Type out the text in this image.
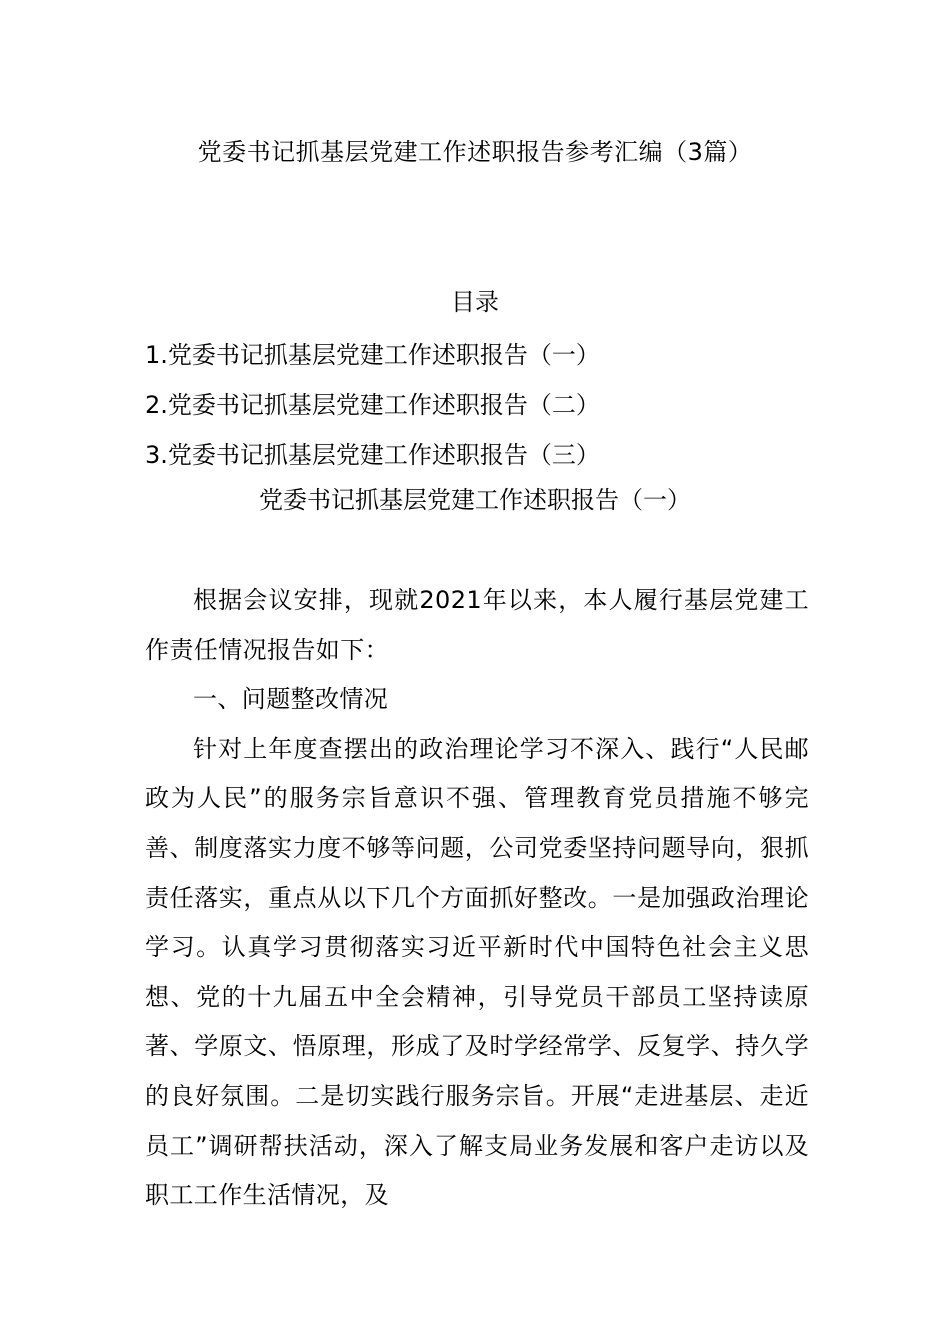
党委书记抓基层党建工作述职报告参考汇编（3篇）
目录
1.党委书记抓基层党建工作述职报告（一）
2.党委书记抓基层党建工作述职报告（二）
3.党委书记抓基层党建工作述职报告（三）
党委书记抓基层党建工作述职报告（一）

根据会议安排，现就2021年以来，本人履行基层党建工作责任情况报告如下：

一、问题整改情况

针对上年度查摆出的政治理论学习不深入、践行“人民邮政为人民”的服务宗旨意识不强、管理教育党员措施不够完善、制度落实力度不够等问题，公司党委坚持问题导向，狠抓责任落实，重点从以下几个方面抓好整改。一是加强政治理论学习。认真学习贯彻落实习近平新时代中国特色社会主义思想、党的十九届五中全会精神，引导党员干部员工坚持读原著、学原文、悟原理，形成了及时学经常学、反复学、持久学的良好氛围。二是切实践行服务宗旨。开展“走进基层、走近员工”调研帮扶活动，深入了解支局业务发展和客户走访以及职工工作生活情况，及
